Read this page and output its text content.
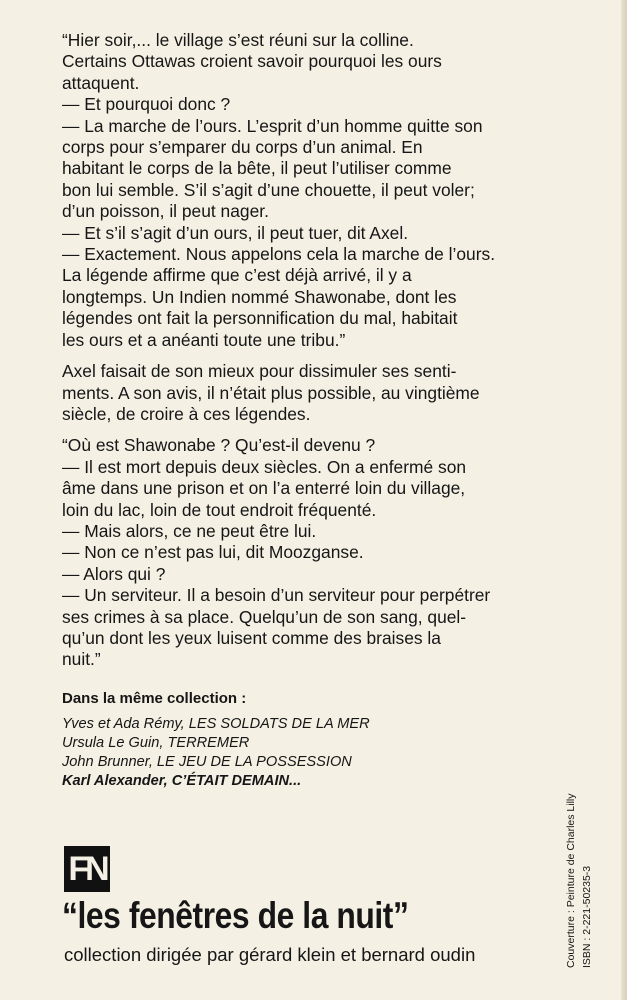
“Hier soir,... le village s’est réuni sur la colline.
Certains Ottawas croient savoir pourquoi les ours
attaquent.
— Et pourquoi donc ?
— La marche de l’ours. L’esprit d’un homme quitte son
corps pour s’emparer du corps d’un animal. En
habitant le corps de la bête, il peut l’utiliser comme
bon lui semble. S’il s’agit d’une chouette, il peut voler;
d’un poisson, il peut nager.
— Et s’il s’agit d’un ours, il peut tuer, dit Axel.
— Exactement. Nous appelons cela la marche de l’ours.
La légende affirme que c’est déjà arrivé, il y a
longtemps. Un Indien nommé Shawonabe, dont les
légendes ont fait la personnification du mal, habitait
les ours et a anéanti toute une tribu.”

Axel faisait de son mieux pour dissimuler ses senti-
ments. A son avis, il n’était plus possible, au vingtième
siècle, de croire à ces légendes.

“Où est Shawonabe ? Qu’est-il devenu ?
— Il est mort depuis deux siècles. On a enfermé son
âme dans une prison et on l’a enterré loin du village,
loin du lac, loin de tout endroit fréquenté.
— Mais alors, ce ne peut être lui.
— Non ce n’est pas lui, dit Moozganse.
— Alors qui ?
— Un serviteur. Il a besoin d’un serviteur pour perpétrer
ses crimes à sa place. Quelqu’un de son sang, quel-
qu’un dont les yeux luisent comme des braises la
nuit.”

Dans la même collection :
Yves et Ada Rémy, LES SOLDATS DE LA MER
Ursula Le Guin, TERREMER
John Brunner, LE JEU DE LA POSSESSION
Karl Alexander, C’ÉTAIT DEMAIN...
FN
“les fenêtres de la nuit”
collection dirigée par gérard klein et bernard oudin	Couverture : Peinture de Charles Lilly ISBN : 2-221-50235-3
